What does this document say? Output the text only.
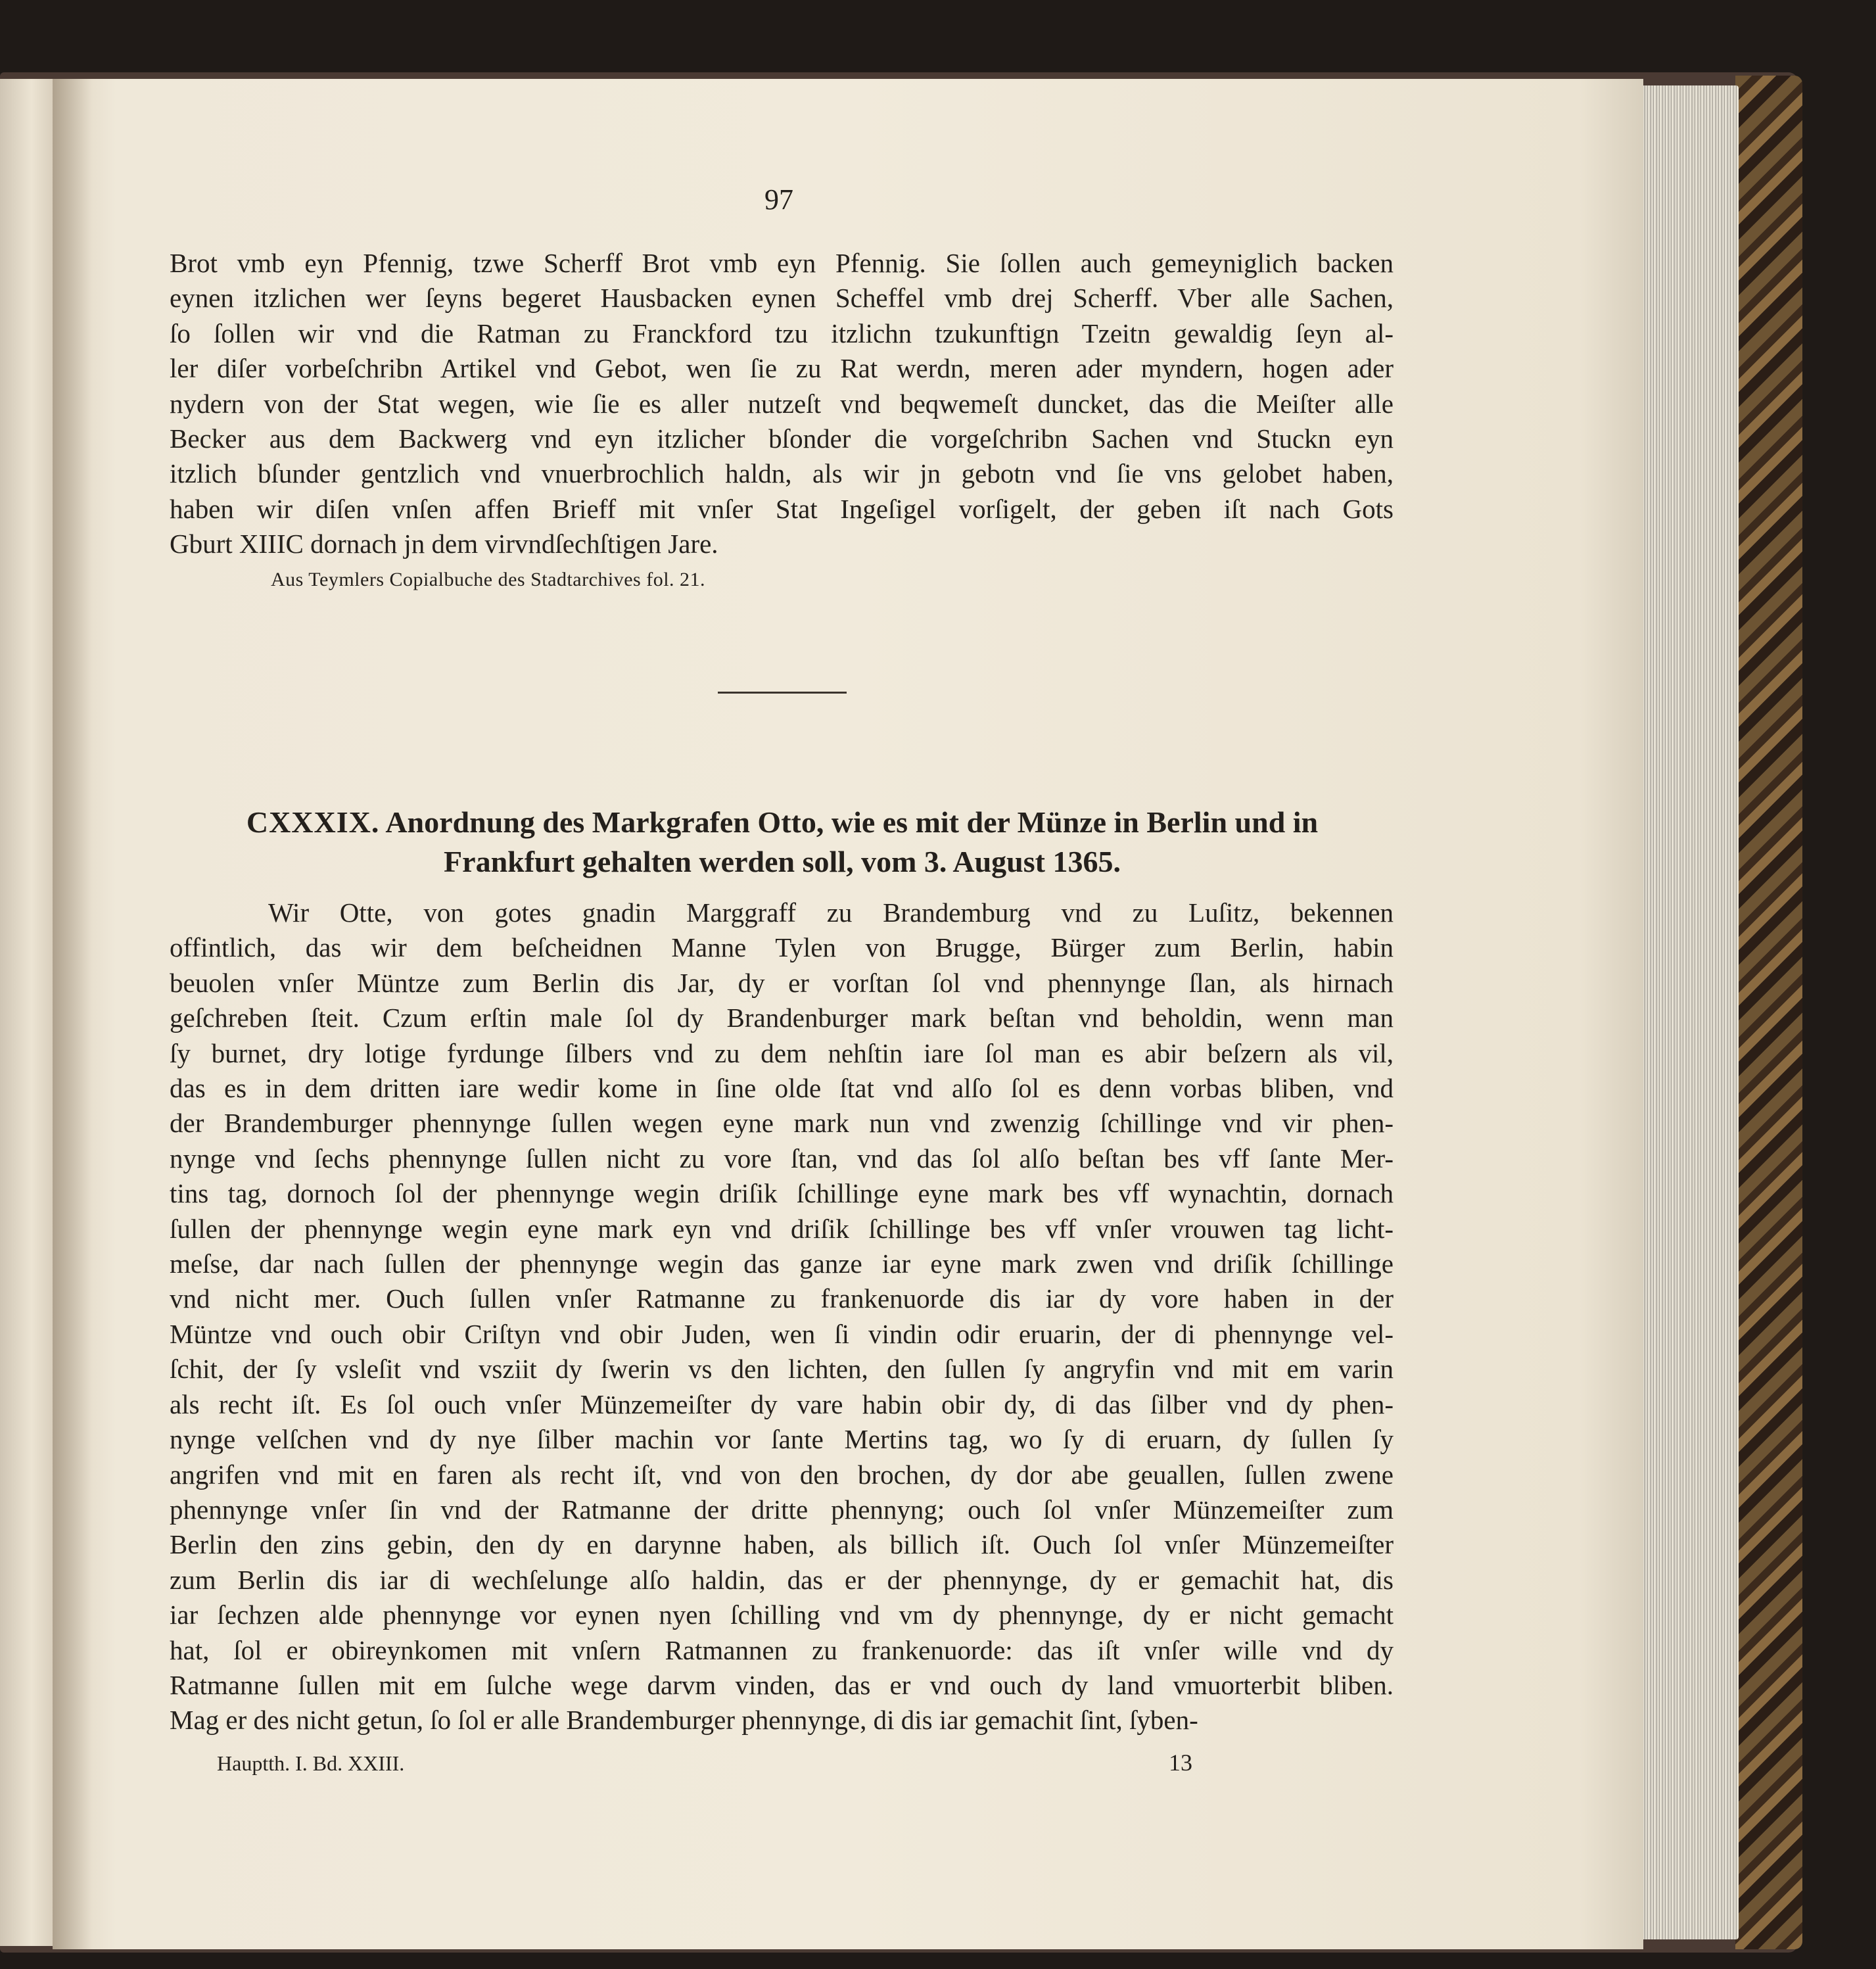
97
Brot vmb eyn Pfennig, tzwe Scherff Brot vmb eyn Pfennig. Sie ſollen auch gemeyniglich backen
eynen itzlichen wer ſeyns begeret Hausbacken eynen Scheffel vmb drej Scherff. Vber alle Sachen,
ſo ſollen wir vnd die Ratman zu Franckford tzu itzlichn tzukunftign Tzeitn gewaldig ſeyn al-
ler diſer vorbeſchribn Artikel vnd Gebot, wen ſie zu Rat werdn, meren ader myndern, hogen ader
nydern von der Stat wegen, wie ſie es aller nutzeſt vnd beqwemeſt duncket, das die Meiſter alle
Becker aus dem Backwerg vnd eyn itzlicher bſonder die vorgeſchribn Sachen vnd Stuckn eyn
itzlich bſunder gentzlich vnd vnuerbrochlich haldn, als wir jn gebotn vnd ſie vns gelobet haben,
haben wir diſen vnſen affen Brieff mit vnſer Stat Ingeſigel vorſigelt, der geben iſt nach Gots
Gburt XIIIC dornach jn dem virvndſechſtigen Jare.
Aus Teymlers Copialbuche des Stadtarchives fol. 21.
CXXXIX. Anordnung des Markgrafen Otto, wie es mit der Münze in Berlin und in
Frankfurt gehalten werden soll, vom 3. August 1365.
Wir Otte, von gotes gnadin Marggraff zu Brandemburg vnd zu Luſitz, bekennen
offintlich, das wir dem beſcheidnen Manne Tylen von Brugge, Bürger zum Berlin, habin
beuolen vnſer Müntze zum Berlin dis Jar, dy er vorſtan ſol vnd phennynge ſlan, als hirnach
geſchreben ſteit. Czum erſtin male ſol dy Brandenburger mark beſtan vnd beholdin, wenn man
ſy burnet, dry lotige fyrdunge ſilbers vnd zu dem nehſtin iare ſol man es abir beſzern als vil,
das es in dem dritten iare wedir kome in ſine olde ſtat vnd alſo ſol es denn vorbas bliben, vnd
der Brandemburger phennynge ſullen wegen eyne mark nun vnd zwenzig ſchillinge vnd vir phen-
nynge vnd ſechs phennynge ſullen nicht zu vore ſtan, vnd das ſol alſo beſtan bes vff ſante Mer-
tins tag, dornoch ſol der phennynge wegin driſik ſchillinge eyne mark bes vff wynachtin, dornach
ſullen der phennynge wegin eyne mark eyn vnd driſik ſchillinge bes vff vnſer vrouwen tag licht-
meſse, dar nach ſullen der phennynge wegin das ganze iar eyne mark zwen vnd driſik ſchillinge
vnd nicht mer. Ouch ſullen vnſer Ratmanne zu frankenuorde dis iar dy vore haben in der
Müntze vnd ouch obir Criſtyn vnd obir Juden, wen ſi vindin odir eruarin, der di phennynge vel-
ſchit, der ſy vsleſit vnd vsziit dy ſwerin vs den lichten, den ſullen ſy angryfin vnd mit em varin
als recht iſt. Es ſol ouch vnſer Münzemeiſter dy vare habin obir dy, di das ſilber vnd dy phen-
nynge velſchen vnd dy nye ſilber machin vor ſante Mertins tag, wo ſy di eruarn, dy ſullen ſy
angrifen vnd mit en faren als recht iſt, vnd von den brochen, dy dor abe geuallen, ſullen zwene
phennynge vnſer ſin vnd der Ratmanne der dritte phennyng; ouch ſol vnſer Münzemeiſter zum
Berlin den zins gebin, den dy en darynne haben, als billich iſt. Ouch ſol vnſer Münzemeiſter
zum Berlin dis iar di wechſelunge alſo haldin, das er der phennynge, dy er gemachit hat, dis
iar ſechzen alde phennynge vor eynen nyen ſchilling vnd vm dy phennynge, dy er nicht gemacht
hat, ſol er obireynkomen mit vnſern Ratmannen zu frankenuorde: das iſt vnſer wille vnd dy
Ratmanne ſullen mit em ſulche wege darvm vinden, das er vnd ouch dy land vmuorterbit bliben.
Mag er des nicht getun, ſo ſol er alle Brandemburger phennynge, di dis iar gemachit ſint, ſyben-
Hauptth. I. Bd. XXIII.	13
